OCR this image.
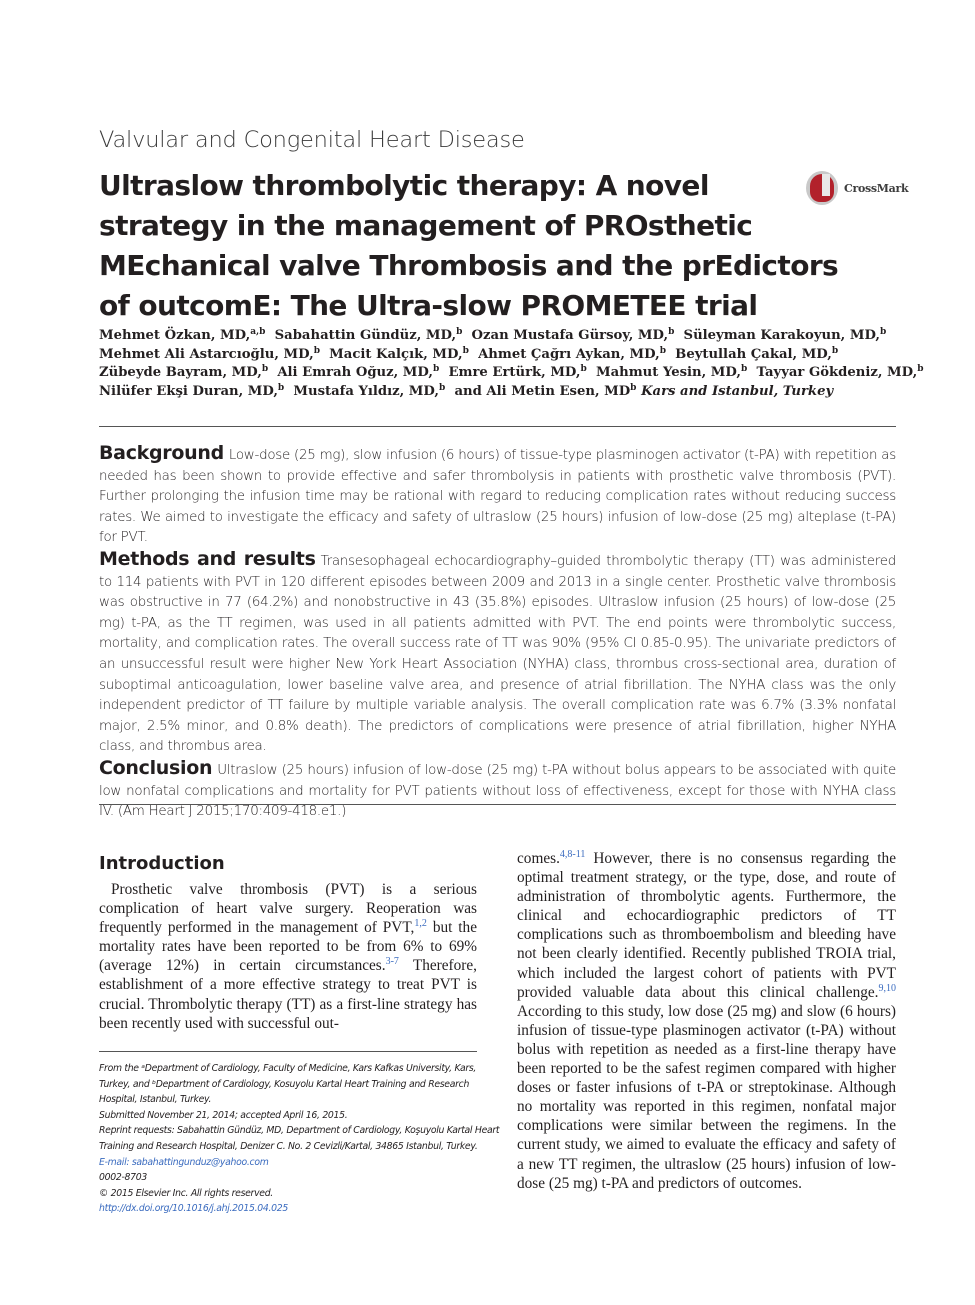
Valvular and Congenital Heart Disease
Ultraslow thrombolytic therapy: A novel
strategy in the management of PROsthetic
MEchanical valve Thrombosis and the prEdictors
of outcomE: The Ultra-slow PROMETEE trial
CrossMark
Mehmet Özkan, MD,$^{a,b}$ Sabahattin Gündüz, MD,$^b$ Ozan Mustafa Gürsoy, MD,$^b$ Süleyman Karakoyun, MD,$^b$
Mehmet Ali Astarcıoğlu, MD,$^b$ Macit Kalçık, MD,$^b$ Ahmet Çağrı Aykan, MD,$^b$ Beytullah Çakal, MD,$^b$
Zübeyde Bayram, MD,$^b$ Ali Emrah Oğuz, MD,$^b$ Emre Ertürk, MD,$^b$ Mahmut Yesin, MD,$^b$ Tayyar Gökdeniz, MD,$^b$
Nilüfer Ekşi Duran, MD,$^b$ Mustafa Yıldız, MD,$^b$ and Ali Metin Esen, $MD^b$ Kars and Istanbul, Turkey

Background Low-dose (25 mg), slow infusion (6 hours) of tissue-type plasminogen activator (t-PA) with repetition as needed has been shown to provide effective and safer thrombolysis in patients with prosthetic valve thrombosis (PVT). Further prolonging the infusion time may be rational with regard to reducing complication rates without reducing success rates. We aimed to investigate the efficacy and safety of ultraslow (25 hours) infusion of low-dose (25 mg) alteplase (t-PA) for PVT.

Methods and results Transesophageal echocardiography–guided thrombolytic therapy (TT) was administered to 114 patients with PVT in 120 different episodes between 2009 and 2013 in a single center. Prosthetic valve thrombosis was obstructive in 77 (64.2%) and nonobstructive in 43 (35.8%) episodes. Ultraslow infusion (25 hours) of low-dose (25 mg) t-PA, as the TT regimen, was used in all patients admitted with PVT. The end points were thrombolytic success, mortality, and complication rates. The overall success rate of TT was 90% (95% CI 0.85-0.95). The univariate predictors of an unsuccessful result were higher New York Heart Association (NYHA) class, thrombus cross-sectional area, duration of suboptimal anticoagulation, lower baseline valve area, and presence of atrial fibrillation. The NYHA class was the only independent predictor of TT failure by multiple variable analysis. The overall complication rate was 6.7% (3.3% nonfatal major, 2.5% minor, and 0.8% death). The predictors of complications were presence of atrial fibrillation, higher NYHA class, and thrombus area.

Conclusion Ultraslow (25 hours) infusion of low-dose (25 mg) t-PA without bolus appears to be associated with quite low nonfatal complications and mortality for PVT patients without loss of effectiveness, except for those with NYHA class IV. (Am Heart J 2015;170:409-418.e1.)

Introduction

Prosthetic valve thrombosis (PVT) is a serious complication of heart valve surgery. Reoperation was frequently performed in the management of PVT,$^{1,2}$ but the mortality rates have been reported to be from 6% to 69% (average 12%) in certain circumstances.$^{3-7}$ Therefore, establishment of a more effective strategy to treat PVT is crucial. Thrombolytic therapy (TT) as a first-line strategy has been recently used with successful out-

comes.$^{4,8-11}$ However, there is no consensus regarding the optimal treatment strategy, or the type, dose, and route of administration of thrombolytic agents. Furthermore, the clinical and echocardiographic predictors of TT complications such as thromboembolism and bleeding have not been clearly identified. Recently published TROIA trial, which included the largest cohort of patients with PVT provided valuable data about this clinical challenge.$^{9,10}$ According to this study, low dose (25 mg) and slow (6 hours) infusion of tissue-type plasminogen activator (t-PA) without bolus with repetition as needed as a first-line therapy have been reported to be the safest regimen compared with higher doses or faster infusions of t-PA or streptokinase. Although no mortality was reported in this regimen, nonfatal major complications were similar between the regimens. In the current study, we aimed to evaluate the efficacy and safety of a new TT regimen, the ultraslow (25 hours) infusion of low-dose (25 mg) t-PA and predictors of outcomes.

From the ᵃDepartment of Cardiology, Faculty of Medicine, Kars Kafkas University, Kars,
Turkey, and ᵇDepartment of Cardiology, Kosuyolu Kartal Heart Training and Research
Hospital, Istanbul, Turkey.
Submitted November 21, 2014; accepted April 16, 2015.
Reprint requests: Sabahattin Gündüz, MD, Department of Cardiology, Koşuyolu Kartal Heart
Training and Research Hospital, Denizer C. No. 2 Cevizli/Kartal, 34865 Istanbul, Turkey.
E-mail: sabahattingunduz@yahoo.com
0002-8703
© 2015 Elsevier Inc. All rights reserved.
http://dx.doi.org/10.1016/j.ahj.2015.04.025
